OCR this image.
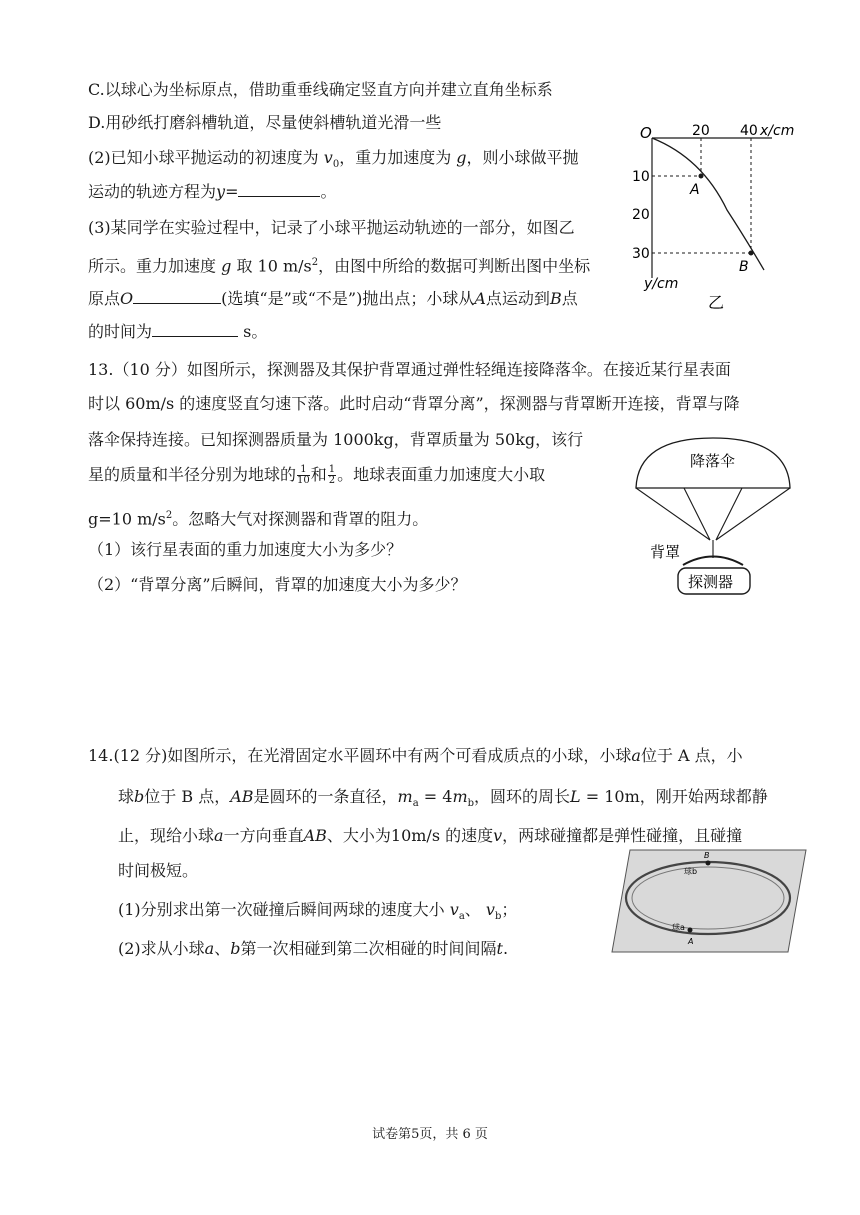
C.以球心为坐标原点，借助重垂线确定竖直方向并建立直角坐标系
D.用砂纸打磨斜槽轨道，尽量使斜槽轨道光滑一些
(2)已知小球平抛运动的初速度为 $v_0$，重力加速度为 g，则小球做平抛
运动的轨迹方程为y=	。
(3)某同学在实验过程中，记录了小球平抛运动轨迹的一部分，如图乙
所示。重力加速度 g 取 10 $m/s^2$，由图中所给的数据可判断出图中坐标
原点O	(选填“是”或“不是”)抛出点；小球从A点运动到B点
的时间为	s。
O	20 40 x/cm
10
20
30
y/cm
A
B
乙
13.（10 分）如图所示，探测器及其保护背罩通过弹性轻绳连接降落伞。在接近某行星表面
时以 60m/s 的速度竖直匀速下落。此时启动“背罩分离”，探测器与背罩断开连接，背罩与降
落伞保持连接。已知探测器质量为 1000kg，背罩质量为 50kg，该行
星的质量和半径分别为地球的 $\frac{1}{10}$ 和 $\frac{1}{2}$ 。地球表面重力加速度大小取
g=10 $m/s^2$。忽略大气对探测器和背罩的阻力。
（1）该行星表面的重力加速度大小为多少？
（2）“背罩分离”后瞬间，背罩的加速度大小为多少？
降落伞
背罩
探测器
14.(12 分)如图所示，在光滑固定水平圆环中有两个可看成质点的小球，小球a位于 A 点，小
球b位于 B 点，AB是圆环的一条直径，$m_a = 4m_b$，圆环的周长L = 10m，刚开始两球都静
止，现给小球a一方向垂直AB、大小为10m/s 的速度v，两球碰撞都是弹性碰撞，且碰撞
时间极短。
(1)分别求出第一次碰撞后瞬间两球的速度大小 $v_a$、 $v_b$；
(2)求从小球a、b第一次相碰到第二次相碰的时间间隔t.
B
球b
球a
A
试卷第5页，共 6 页
